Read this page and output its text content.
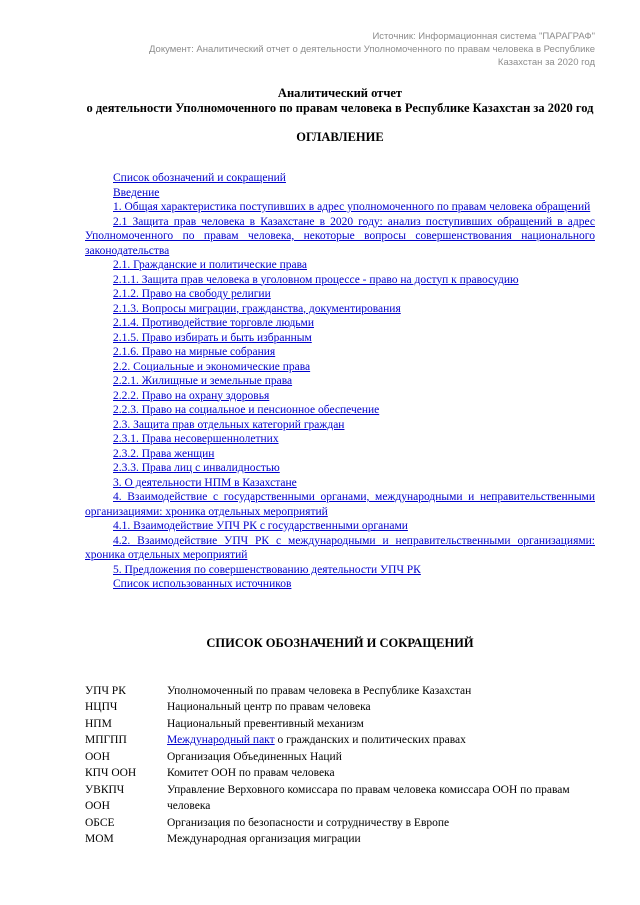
Источник: Информационная система "ПАРАГРАФ"
Документ: Аналитический отчет о деятельности Уполномоченного по правам человека в Республике Казахстан за 2020 год
Аналитический отчет
о деятельности Уполномоченного по правам человека в Республике Казахстан за 2020 год
ОГЛАВЛЕНИЕ

Список обозначений и сокращений

Введение

1. Общая характеристика поступивших в адрес уполномоченного по правам человека обращений

2.1 Защита прав человека в Казахстане в 2020 году: анализ поступивших обращений в адрес Уполномоченного по правам человека, некоторые вопросы совершенствования национального законодательства

2.1. Гражданские и политические права

2.1.1. Защита прав человека в уголовном процессе - право на доступ к правосудию

2.1.2. Право на свободу религии

2.1.3. Вопросы миграции, гражданства, документирования

2.1.4. Противодействие торговле людьми

2.1.5. Право избирать и быть избранным

2.1.6. Право на мирные собрания

2.2. Социальные и экономические права

2.2.1. Жилищные и земельные права

2.2.2. Право на охрану здоровья

2.2.3. Право на социальное и пенсионное обеспечение

2.3. Защита прав отдельных категорий граждан

2.3.1. Права несовершеннолетних

2.3.2. Права женщин

2.3.3. Права лиц с инвалидностью

3. О деятельности НПМ в Казахстане

4. Взаимодействие с государственными органами, международными и неправительственными организациями: хроника отдельных мероприятий

4.1. Взаимодействие УПЧ РК с государственными органами

4.2. Взаимодействие УПЧ РК с международными и неправительственными организациями: хроника отдельных мероприятий

5. Предложения по совершенствованию деятельности УПЧ РК

Список использованных источников

СПИСОК ОБОЗНАЧЕНИЙ И СОКРАЩЕНИЙ
УПЧ РК	Уполномоченный по правам человека в Республике Казахстан
НЦПЧ	Национальный центр по правам человека
НПМ	Национальный превентивный механизм
МПГПП	Международный пакт о гражданских и политических правах
ООН	Организация Объединенных Наций
КПЧ ООН	Комитет ООН по правам человека
УВКПЧ ООН	Управление Верховного комиссара по правам человека комиссара ООН по правам человека
ОБСЕ	Организация по безопасности и сотрудничеству в Европе
МОМ	Международная организация миграции
